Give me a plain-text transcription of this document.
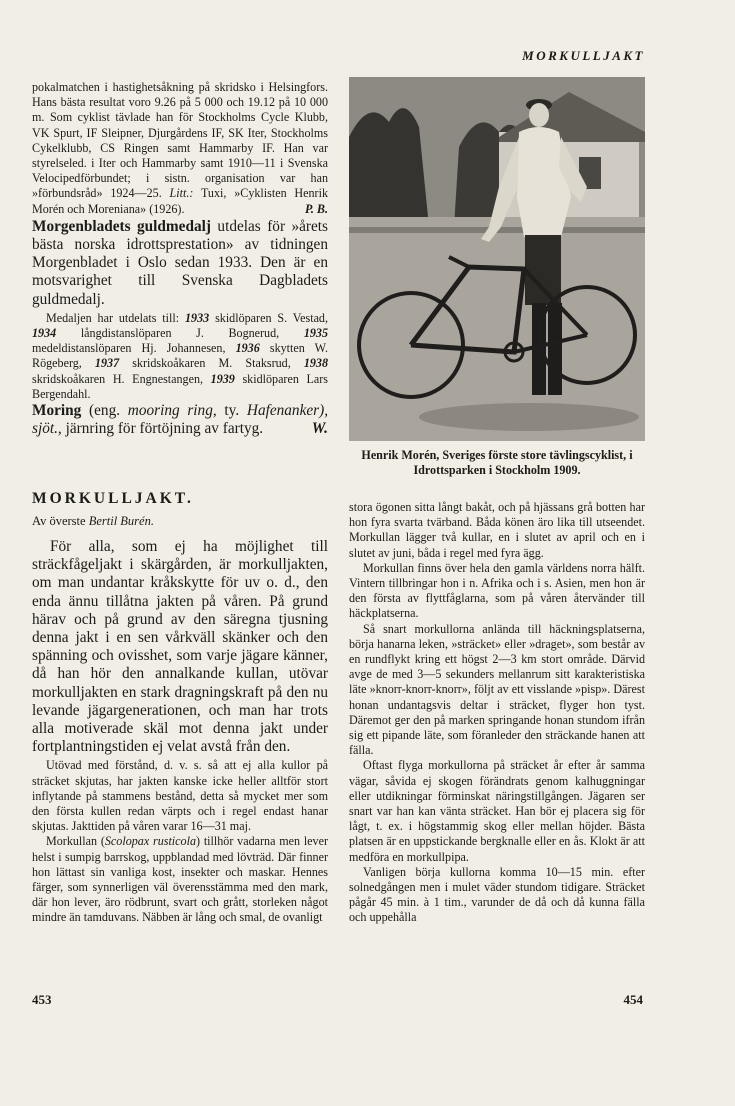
MORKULLJAKT

pokalmatchen i hastighetsåkning på skridsko i Helsingfors. Hans bästa resultat voro 9.26 på 5 000 och 19.12 på 10 000 m. Som cyklist tävlade han för Stockholms Cycle Klubb, VK Spurt, IF Sleipner, Djurgårdens IF, SK Iter, Stockholms Cykelklubb, CS Ringen samt Hammarby IF. Han var styrelseled. i Iter och Hammarby samt 1910—11 i Svenska Velocipedförbundet; i sistn. organisation var han »förbundsråd» 1924—25. Litt.: Tuxi, »Cyklisten Henrik Morén och Moreniana» (1926).	P. B.

Morgenbladets guldmedalj utdelas för »årets bästa norska idrottsprestation» av tidningen Morgenbladet i Oslo sedan 1933. Den är en motsvarighet till Svenska Dagbladets guldmedalj.

Medaljen har utdelats till: 1933 skidlöparen S. Vestad, 1934 långdistanslöparen J. Bognerud, 1935 medeldistanslöparen Hj. Johannesen, 1936 skytten W. Rögeberg, 1937 skridskoåkaren M. Staksrud, 1938 skridskoåkaren H. Engnestangen, 1939 skidlöparen Lars Bergendahl.

Moring (eng. mooring ring, ty. Hafenanker), sjöt., järnring för förtöjning av fartyg.	W.

Henrik Morén, Sveriges förste store tävlingscyklist, i Idrottsparken i Stockholm 1909.
MORKULLJAKT.
Av överste Bertil Burén.

För alla, som ej ha möjlighet till sträckfågeljakt i skärgården, är morkulljakten, om man undantar kråkskytte för uv o. d., den enda ännu tillåtna jakten på våren. På grund härav och på grund av den säregna tjusning denna jakt i en sen vårkväll skänker och den spänning och ovisshet, som varje jägare känner, då han hör den annalkande kullan, utövar morkulljakten en stark dragningskraft på den nu levande jägargenerationen, och man har trots alla motiverade skäl mot denna jakt under fortplantningstiden ej velat avstå från den.

Utövad med förstånd, d. v. s. så att ej alla kullor på sträcket skjutas, har jakten kanske icke heller alltför stort inflytande på stammens bestånd, detta så mycket mer som den första kullen redan värpts och i regel endast hanar skjutas. Jakttiden på våren varar 16—31 maj.

Morkullan (Scolopax rusticola) tillhör vadarna men lever helst i sumpig barrskog, uppblandad med lövträd. Där finner hon lättast sin vanliga kost, insekter och maskar. Hennes färger, som synnerligen väl överensstämma med den mark, där hon lever, äro rödbrunt, svart och grått, storleken något mindre än tamduvans. Näbben är lång och smal, de ovanligt

stora ögonen sitta långt bakåt, och på hjässans grå botten har hon fyra svarta tvärband. Båda könen äro lika till utseendet. Morkullan lägger två kullar, en i slutet av april och en i slutet av juni, båda i regel med fyra ägg.

Morkullan finns över hela den gamla världens norra hälft. Vintern tillbringar hon i n. Afrika och i s. Asien, men hon är den första av flyttfåglarna, som på våren återvänder till häckplatserna.

Så snart morkullorna anlända till häckningsplatserna, börja hanarna leken, »sträcket» eller »draget», som består av en rundflykt kring ett högst 2—3 km stort område. Därvid avge de med 3—5 sekunders mellanrum sitt karakteristiska läte »knorr-knorr-knorr», följt av ett visslande »pisp». Därest honan undantagsvis deltar i sträcket, flyger hon tyst. Däremot ger den på marken springande honan stundom ifrån sig ett pipande läte, som föranleder den sträckande hanen att fälla.

Oftast flyga morkullorna på sträcket år efter år samma vägar, såvida ej skogen förändrats genom kalhuggningar eller utdikningar förminskat näringstillgången. Jägaren ser snart var han kan vänta sträcket. Han bör ej placera sig för lågt, t. ex. i högstammig skog eller mellan höjder. Bästa platsen är en uppstickande bergknalle eller en ås. Klokt är att medföra en morkullpipa.

Vanligen börja kullorna komma 10—15 min. efter solnedgången men i mulet väder stundom tidigare. Sträcket pågår 45 min. à 1 tim., varunder de då och då kunna fälla och uppehålla

453	454
